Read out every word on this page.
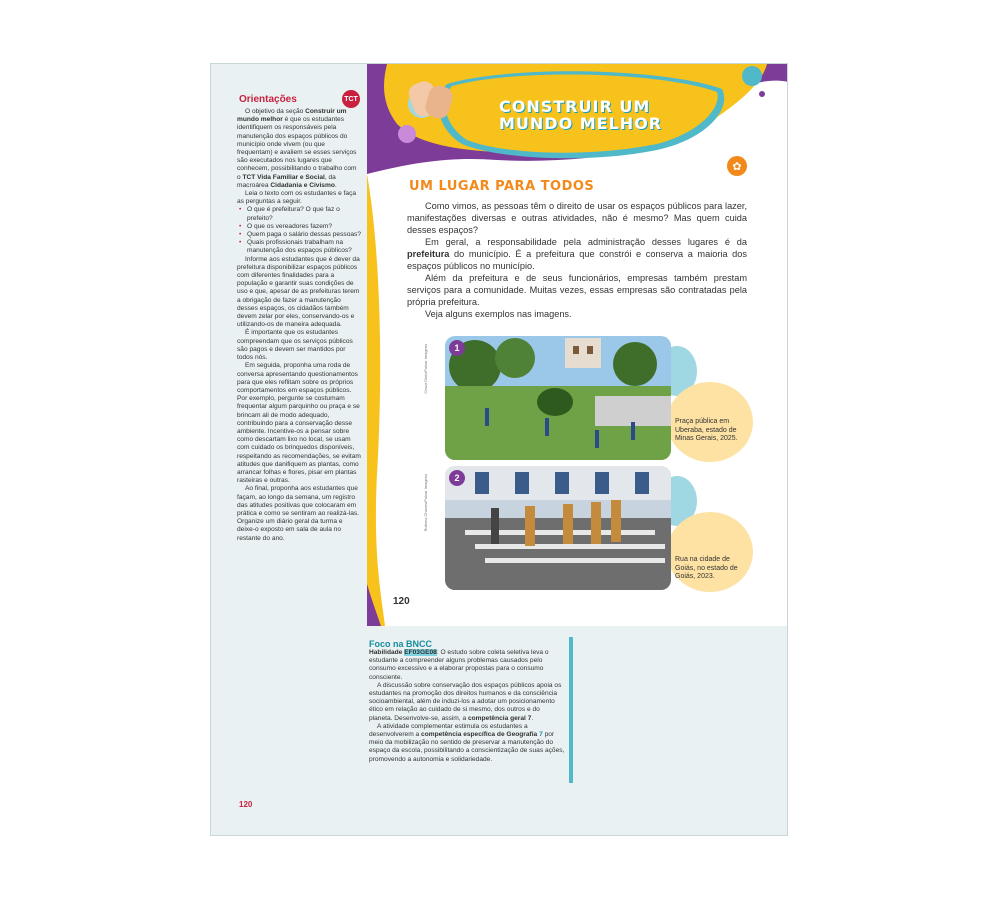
Orientações	TCT

O objetivo da seção Construir um mundo melhor é que os estudantes identifiquem os responsáveis pela manutenção dos espaços públicos do município onde vivem (ou que frequentam) e avaliem se esses serviços são executados nos lugares que conhecem, possibilitando o trabalho com o TCT Vida Familiar e Social, da macroárea Cidadania e Civismo.

Leia o texto com os estudantes e faça as perguntas a seguir.

• O que é prefeitura? O que faz o prefeito?
• O que os vereadores fazem?
• Quem paga o salário dessas pessoas?
• Quais profissionais trabalham na manutenção dos espaços públicos?

Informe aos estudantes que é dever da prefeitura disponibilizar espaços públicos com diferentes finalidades para a população e garantir suas condições de uso e que, apesar de as prefeituras terem a obrigação de fazer a manutenção desses espaços, os cidadãos também devem zelar por eles, conservando-os e utilizando-os de maneira adequada.

É importante que os estudantes compreendam que os serviços públicos são pagos e devem ser mantidos por todos nós.

Em seguida, proponha uma roda de conversa apresentando questionamentos para que eles reflitam sobre os próprios comportamentos em espaços públicos. Por exemplo, pergunte se costumam frequentar algum parquinho ou praça e se brincam ali de modo adequado, contribuindo para a conservação desse ambiente. Incentive-os a pensar sobre como descartam lixo no local, se usam com cuidado os brinquedos disponíveis, respeitando as recomendações, se evitam atitudes que danifiquem as plantas, como arrancar folhas e flores, pisar em plantas rasteiras e outras.

Ao final, proponha aos estudantes que façam, ao longo da semana, um registro das atitudes positivas que colocaram em prática e como se sentiram ao realizá-las. Organize um diário geral da turma e deixe-o exposto em sala de aula no restante do ano.

120
CONSTRUIR UM
MUNDO MELHOR
✿
UM LUGAR PARA TODOS

Como vimos, as pessoas têm o direito de usar os espaços públicos para lazer, manifestações diversas e outras atividades, não é mesmo? Mas quem cuida desses espaços?

Em geral, a responsabilidade pela administração desses lugares é da prefeitura do município. É a prefeitura que constrói e conserva a maioria dos espaços públicos no município.

Além da prefeitura e de seus funcionários, empresas também prestam serviços para a comunidade. Muitas vezes, essas empresas são contratadas pela própria prefeitura.

Veja alguns exemplos nas imagens.

1
Cesar Diniz/Pulsar Imagens
Praça pública em Uberaba, estado de Minas Gerais, 2025.
2
Rubens Chaves/Pulsar Imagens
Rua na cidade de Goiás, no estado de Goiás, 2023.
120
Foco na BNCC

Habilidade EF03GE08: O estudo sobre coleta seletiva leva o estudante a compreender alguns problemas causados pelo consumo excessivo e a elaborar propostas para o consumo consciente.

A discussão sobre conservação dos espaços públicos apoia os estudantes na promoção dos direitos humanos e da consciência socioambiental, além de induzi-los a adotar um posicionamento ético em relação ao cuidado de si mesmo, dos outros e do planeta. Desenvolve-se, assim, a competência geral 7.

A atividade complementar estimula os estudantes a desenvolverem a competência específica de Geografia 7 por meio da mobilização no sentido de preservar a manutenção do espaço da escola, possibilitando a conscientização de suas ações, promovendo a autonomia e solidariedade.
